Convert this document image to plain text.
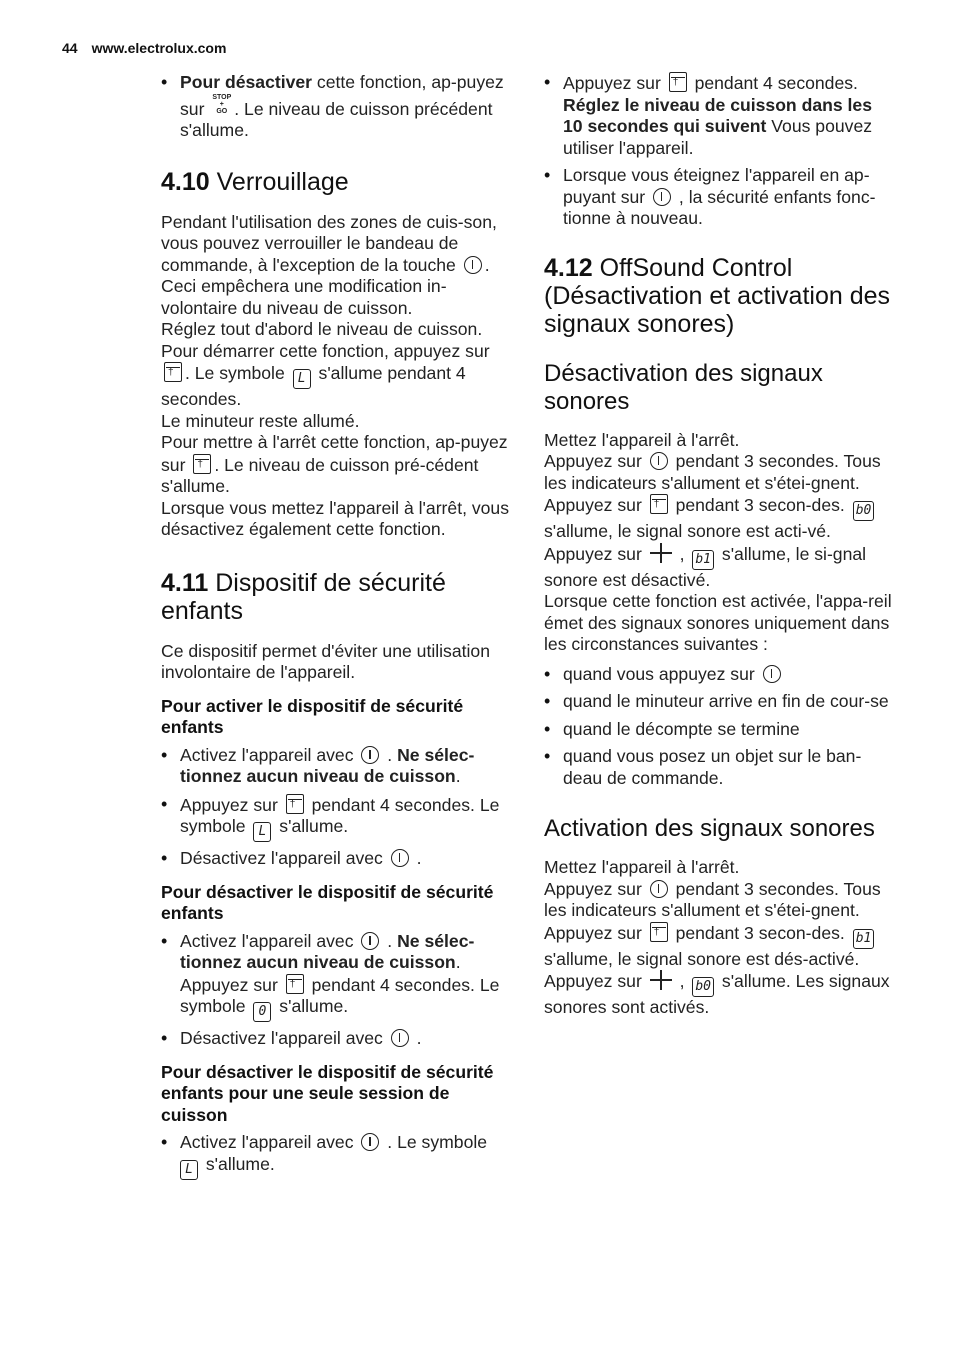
44 www.electrolux.com
• Pour désactiver cette fonction, ap-puyez sur STOP
+
GO . Le niveau de cuisson précédent s'allume.
4.10 Verrouillage

Pendant l'utilisation des zones de cuis-son, vous pouvez verrouiller le bandeau de commande, à l'exception de la touche . Ceci empêchera une modification in-volontaire du niveau de cuisson.

Réglez tout d'abord le niveau de cuisson.

Pour démarrer cette fonction, appuyez sur †. Le symbole L s'allume pendant 4 secondes.

Le minuteur reste allumé.

Pour mettre à l'arrêt cette fonction, ap-puyez sur †. Le niveau de cuisson pré-cédent s'allume.

Lorsque vous mettez l'appareil à l'arrêt, vous désactivez également cette fonction.

4.11 Dispositif de sécurité enfants

Ce dispositif permet d'éviter une utilisation involontaire de l'appareil.

Pour activer le dispositif de sécurité enfants
• Activez l'appareil avec  . Ne sélec-tionnez aucun niveau de cuisson.
• Appuyez sur † pendant 4 secondes. Le symbole L s'allume.
• Désactivez l'appareil avec  .
Pour désactiver le dispositif de sécurité enfants
• Activez l'appareil avec  . Ne sélec-tionnez aucun niveau de cuisson.
Appuyez sur † pendant 4 secondes. Le symbole 0 s'allume.
• Désactivez l'appareil avec  .
Pour désactiver le dispositif de sécurité enfants pour une seule session de cuisson
• Activez l'appareil avec  . Le symbole
L s'allume.
• Appuyez sur † pendant 4 secondes. Réglez le niveau de cuisson dans les 10 secondes qui suivent Vous pouvez utiliser l'appareil.
• Lorsque vous éteignez l'appareil en ap-puyant sur  , la sécurité enfants fonc-tionne à nouveau.
4.12 OffSound Control (Désactivation et activation des signaux sonores)
Désactivation des signaux sonores

Mettez l'appareil à l'arrêt.

Appuyez sur  pendant 3 secondes. Tous les indicateurs s'allument et s'étei-gnent. Appuyez sur † pendant 3 secon-des. b0 s'allume, le signal sonore est acti-vé. Appuyez sur  , b1 s'allume, le si-gnal sonore est désactivé.

Lorsque cette fonction est activée, l'appa-reil émet des signaux sonores uniquement dans les circonstances suivantes :

• quand vous appuyez sur
• quand le minuteur arrive en fin de cour-se
• quand le décompte se termine
• quand vous posez un objet sur le ban-deau de commande.
Activation des signaux sonores

Mettez l'appareil à l'arrêt.

Appuyez sur  pendant 3 secondes. Tous les indicateurs s'allument et s'étei-gnent. Appuyez sur † pendant 3 secon-des. b1 s'allume, le signal sonore est dés-activé. Appuyez sur  , b0 s'allume. Les signaux sonores sont activés.
